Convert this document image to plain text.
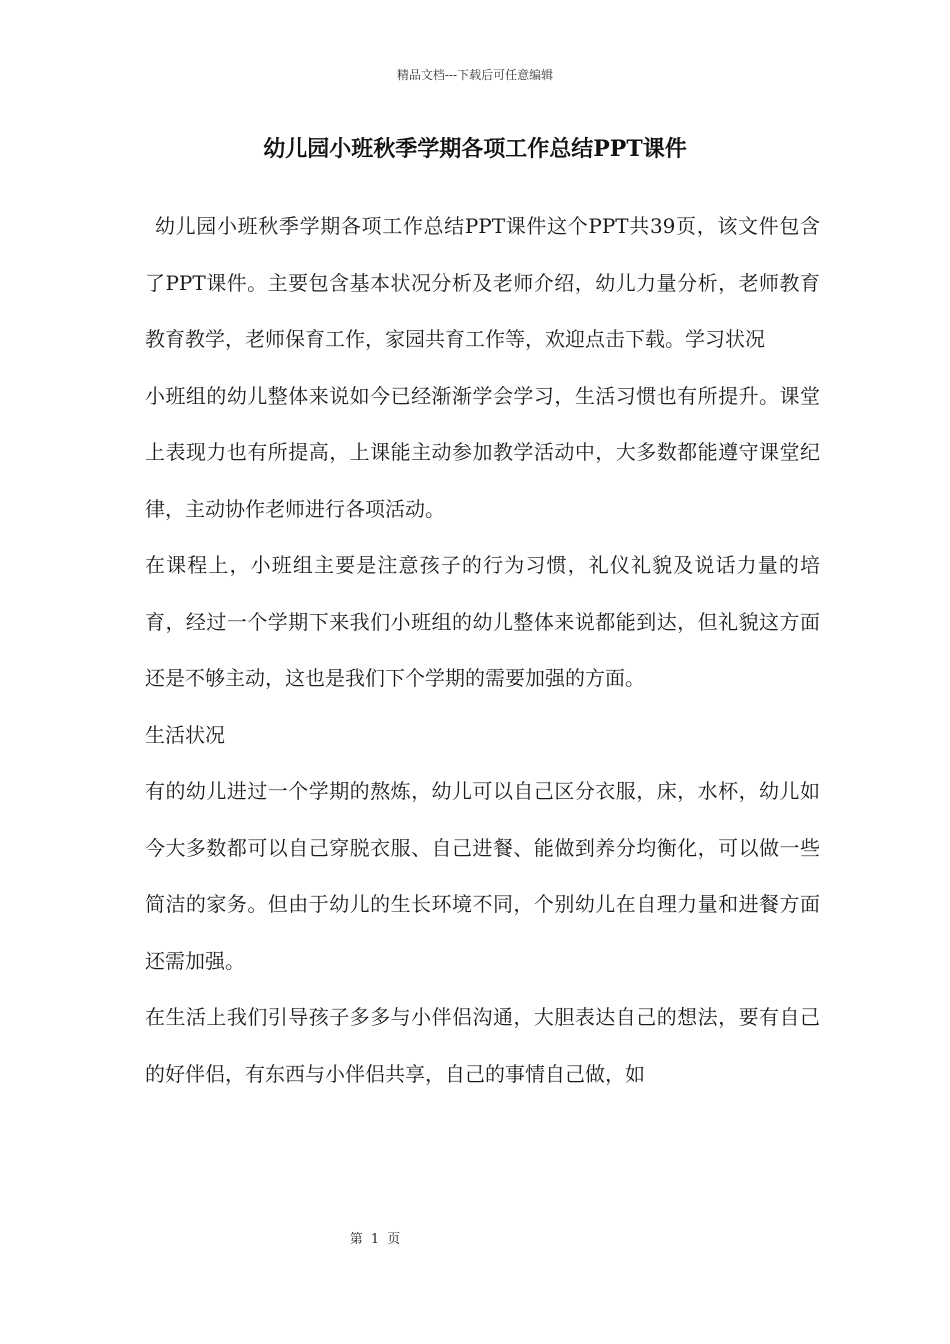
精品文档---下载后可任意编辑
幼儿园小班秋季学期各项工作总结PPT课件

幼儿园小班秋季学期各项工作总结PPT课件这个PPT共39页，该文件包含了PPT课件。主要包含基本状况分析及老师介绍，幼儿力量分析，老师教育教育教学，老师保育工作，家园共育工作等，欢迎点击下载。学习状况

小班组的幼儿整体来说如今已经渐渐学会学习，生活习惯也有所提升。课堂上表现力也有所提高，上课能主动参加教学活动中，大多数都能遵守课堂纪律，主动协作老师进行各项活动。

在课程上，小班组主要是注意孩子的行为习惯，礼仪礼貌及说话力量的培育，经过一个学期下来我们小班组的幼儿整体来说都能到达，但礼貌这方面还是不够主动，这也是我们下个学期的需要加强的方面。

生活状况

有的幼儿进过一个学期的熬炼，幼儿可以自己区分衣服，床，水杯，幼儿如今大多数都可以自己穿脱衣服、自己进餐、能做到养分均衡化，可以做一些简洁的家务。但由于幼儿的生长环境不同，个别幼儿在自理力量和进餐方面还需加强。

在生活上我们引导孩子多多与小伴侣沟通，大胆表达自己的想法，要有自己的好伴侣，有东西与小伴侣共享，自己的事情自己做，如

第 1 页
